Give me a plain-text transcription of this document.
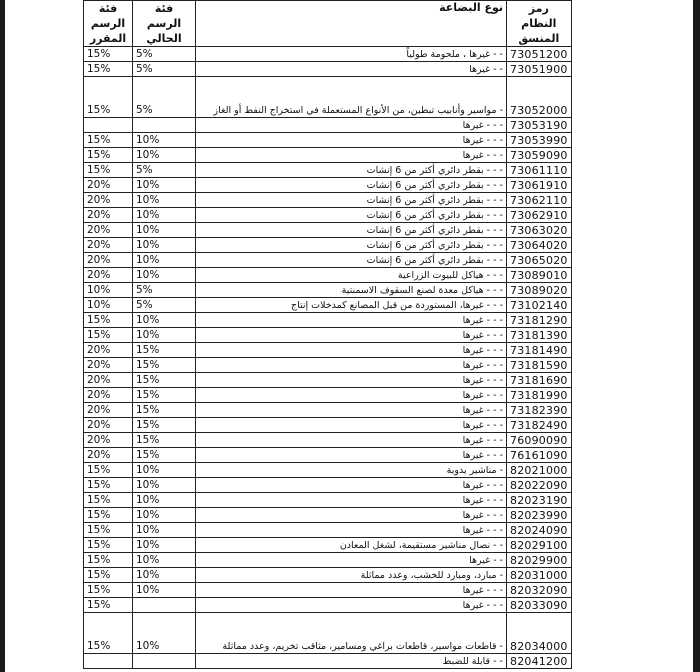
فئة الرسم المقرر	فئة الرسم الحالي	نوع البضاعة	رمز النظام المنسق
15%	5%	- - غيرها ، ملحومة طولياً	73051200
15%	5%	- - غيرها	73051900
15%	5%	- مواسير وأنابيب تبطين، من الأنواع المستعملة في استخراج النفط أو الغاز	73052000
		- - - غيرها	73053190
15%	10%	- - - غيرها	73053990
15%	10%	- - - غيرها	73059090
15%	5%	- - - بقطر دائري أكثر من 6 إنشات	73061110
20%	10%	- - - بقطر دائري أكثر من 6 إنشات	73061910
20%	10%	- - - بقطر دائري أكثر من 6 إنشات	73062110
20%	10%	- - - بقطر دائري أكثر من 6 إنشات	73062910
20%	10%	- - - بقطر دائري أكثر من 6 إنشات	73063020
20%	10%	- - - بقطر دائري أكثر من 6 إنشات	73064020
20%	10%	- - - بقطر دائري أكثر من 6 إنشات	73065020
20%	10%	- - - هياكل للبيوت الزراعية	73089010
10%	5%	- - - هياكل معدة لصنع السقوف الاسمنتية	73089020
10%	5%	- - - غيرها، المستوردة من قبل المصانع كمدخلات إنتاج	73102140
15%	10%	- - - غيرها	73181290
15%	10%	- - - غيرها	73181390
20%	15%	- - - غيرها	73181490
20%	15%	- - - غيرها	73181590
20%	15%	- - - غيرها	73181690
20%	15%	- - - غيرها	73181990
20%	15%	- - - غيرها	73182390
20%	15%	- - - غيرها	73182490
20%	15%	- - - غيرها	76090090
20%	15%	- - - غيرها	76161090
15%	10%	- مناشير يدوية	82021000
15%	10%	- - - غيرها	82022090
15%	10%	- - - غيرها	82023190
15%	10%	- - - غيرها	82023990
15%	10%	- - - غيرها	82024090
15%	10%	- - نصال مناشير مستقيمة، لشغل المعادن	82029100
15%	10%	- - غيرها	82029900
15%	10%	- مبارد، ومبارد للخشب، وعدد مماثلة	82031000
15%	10%	- - - غيرها	82032090
15%		- - - غيرها	82033090
15%	10%	- قاطعات مواسير، قاطعات براغي ومسامير، مثاقب تخريم، وعدد مماثلة	82034000
		- - قابلة للضبط	82041200
